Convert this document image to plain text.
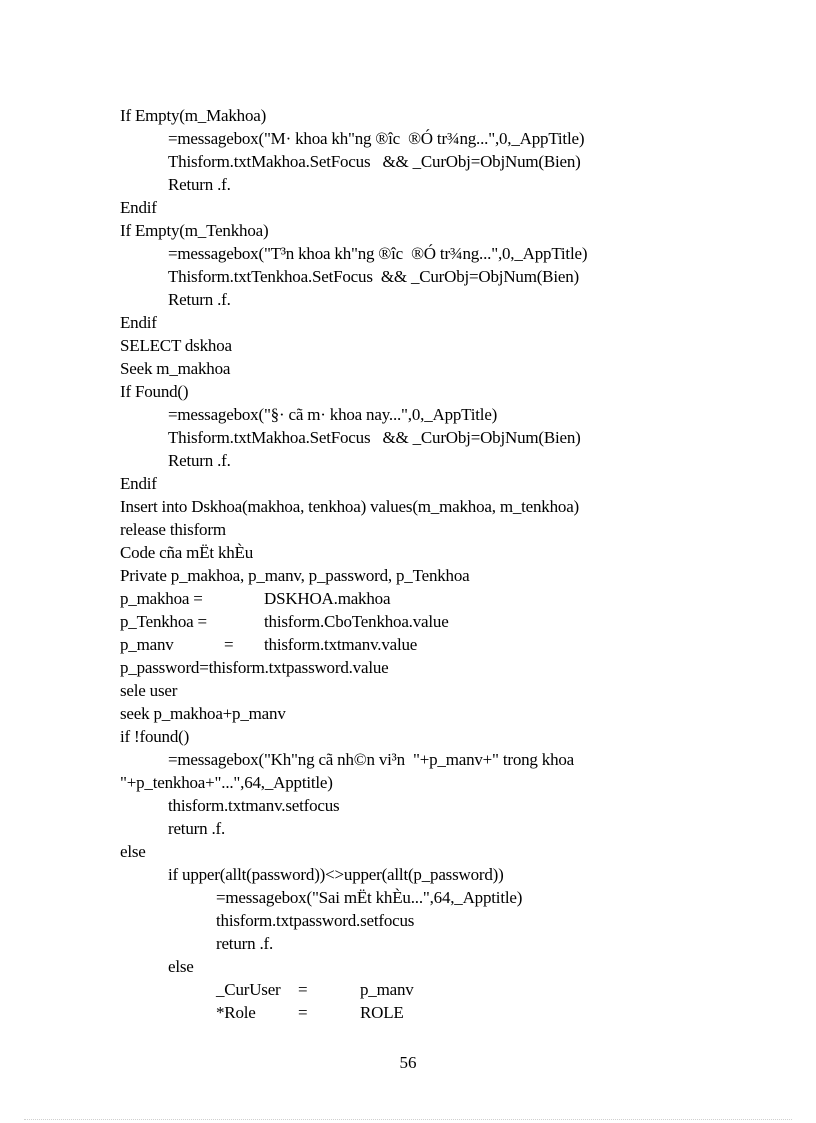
If Empty(m_Makhoa)
=messagebox("M· khoa kh"ng ®îc  ®Ó tr¾ng...",0,_AppTitle)
Thisform.txtMakhoa.SetFocus   && _CurObj=ObjNum(Bien)
Return .f.
Endif
If Empty(m_Tenkhoa)
=messagebox("T³n khoa kh"ng ®îc  ®Ó tr¾ng...",0,_AppTitle)
Thisform.txtTenkhoa.SetFocus  && _CurObj=ObjNum(Bien)
Return .f.
Endif
SELECT dskhoa
Seek m_makhoa
If Found()
=messagebox("§· cã m· khoa nay...",0,_AppTitle)
Thisform.txtMakhoa.SetFocus   && _CurObj=ObjNum(Bien)
Return .f.
Endif
Insert into Dskhoa(makhoa, tenkhoa) values(m_makhoa, m_tenkhoa)
release thisform
Code cña mËt khÈu
Private p_makhoa, p_manv, p_password, p_Tenkhoa
p_makhoa =	DSKHOA.makhoa
p_Tenkhoa =	thisform.CboTenkhoa.value
p_manv	= thisform.txtmanv.value
p_password=thisform.txtpassword.value
sele user
seek p_makhoa+p_manv
if !found()
=messagebox("Kh"ng cã nh©n vi³n  "+p_manv+" trong khoa
"+p_tenkhoa+"...",64,_Apptitle)
thisform.txtmanv.setfocus
return .f.
else
if upper(allt(password))<>upper(allt(p_password))
=messagebox("Sai mËt khÈu...",64,_Apptitle)
thisform.txtpassword.setfocus
return .f.
else
_CurUser =	p_manv
*Role =	ROLE
56
